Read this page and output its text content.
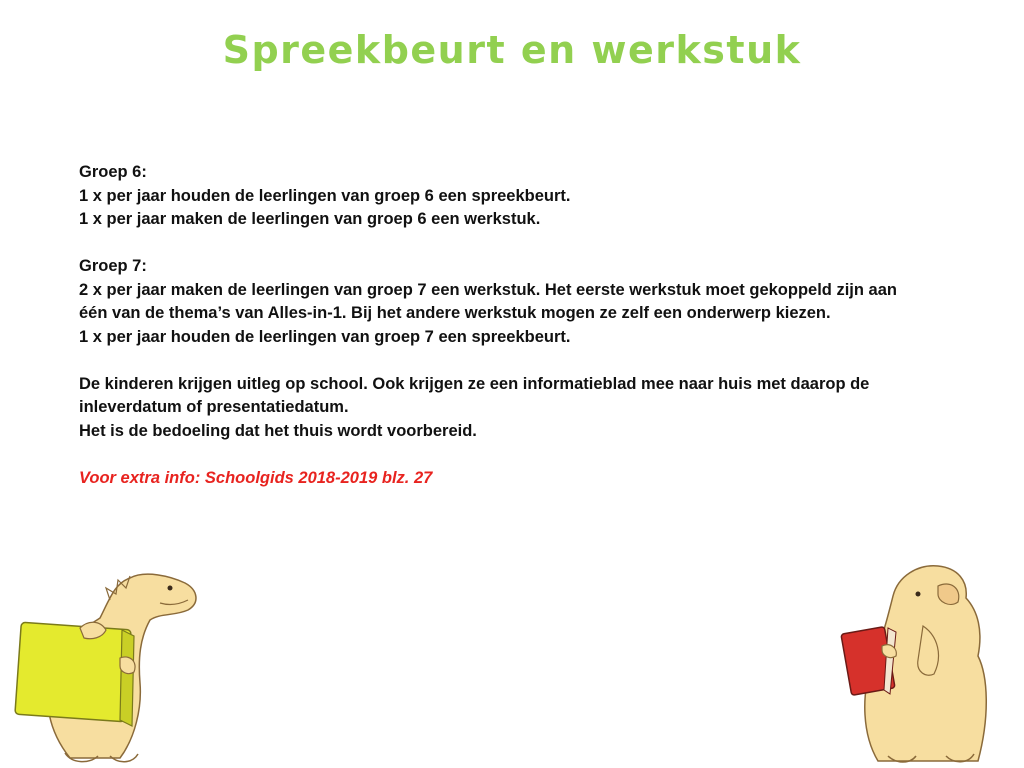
Spreekbeurt en werkstuk

Groep 6:

1 x per jaar houden de leerlingen van groep 6 een spreekbeurt.

1 x per jaar maken de leerlingen van groep 6 een werkstuk.

Groep 7:

2 x per jaar maken de leerlingen van groep 7 een werkstuk. Het eerste werkstuk moet gekoppeld zijn aan

één van de thema’s van Alles-in-1. Bij het andere werkstuk mogen ze zelf een onderwerp kiezen.

1 x per jaar houden de leerlingen van groep 7 een spreekbeurt.

De kinderen krijgen uitleg op school. Ook krijgen ze een informatieblad mee naar huis met daarop de

inleverdatum of presentatiedatum.

Het is de bedoeling dat het thuis wordt voorbereid.

Voor extra info: Schoolgids 2018-2019 blz. 27
